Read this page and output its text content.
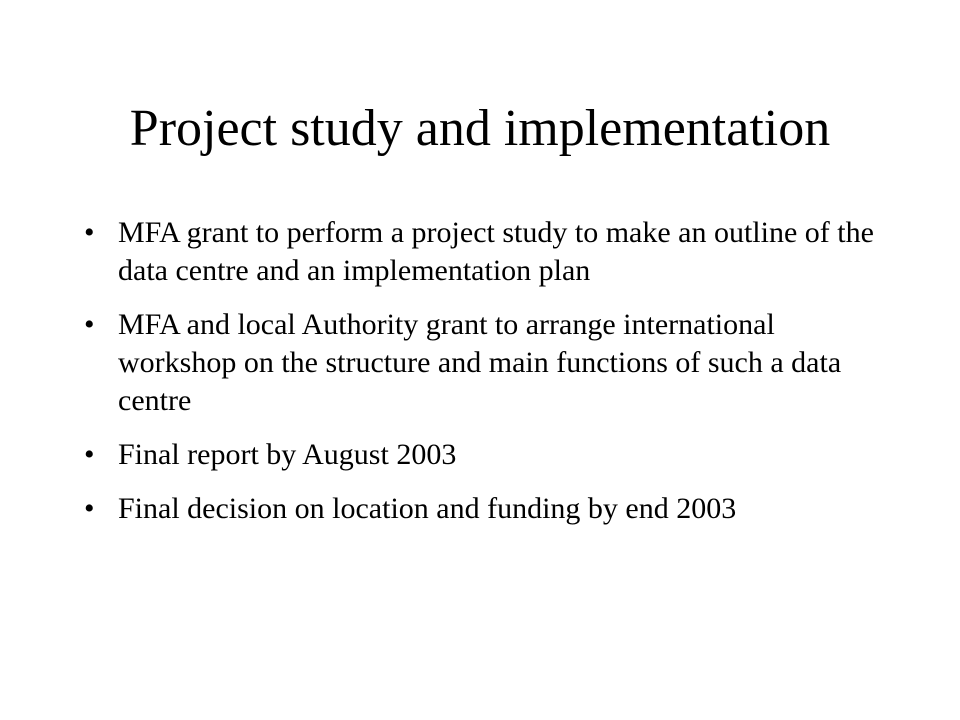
Project study and implementation
• MFA grant to perform a project study to make an outline of the data centre and an implementation plan
• MFA and local Authority grant to arrange international workshop on the structure and main functions of such a data centre
• Final report by August 2003
• Final decision on location and funding by end 2003
